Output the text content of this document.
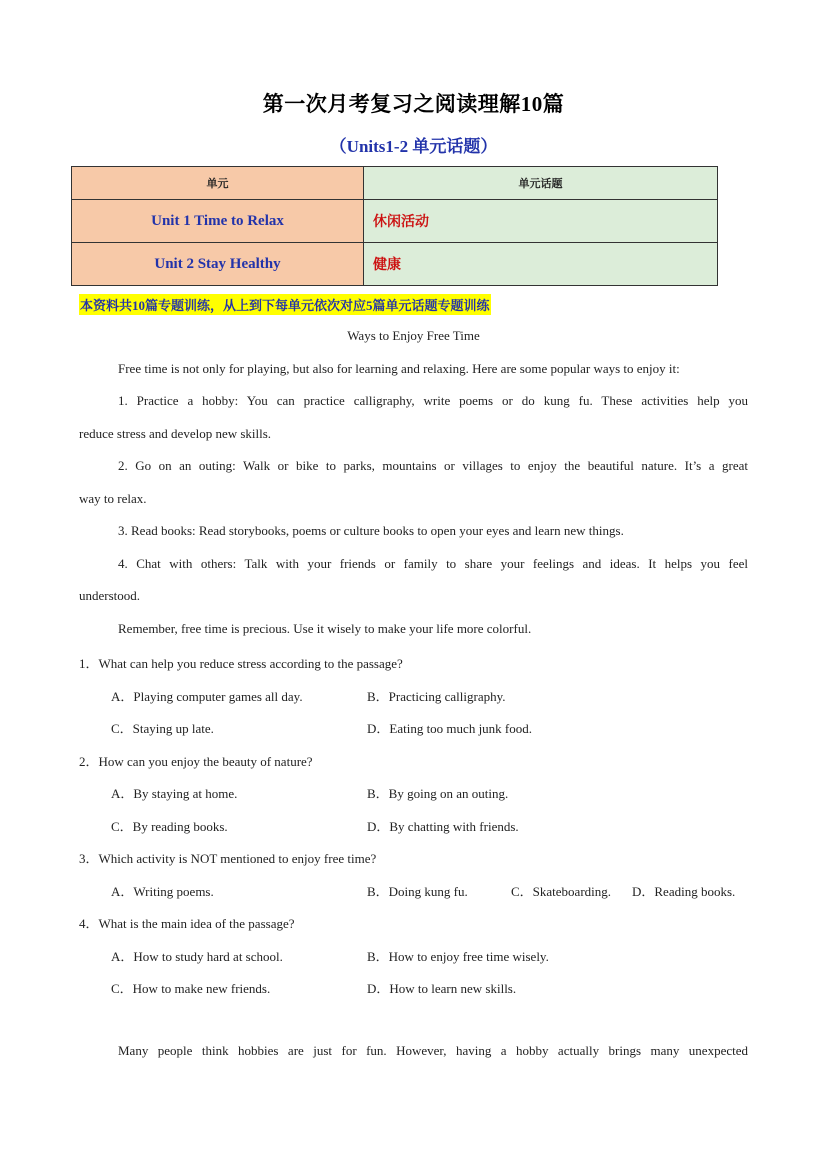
第一次月考复习之阅读理解10篇
（Units1-2 单元话题）
单元	单元话题
Unit 1 Time to Relax	休闲活动
Unit 2 Stay Healthy	健康
本资料共10篇专题训练，从上到下每单元依次对应5篇单元话题专题训练
Ways to Enjoy Free Time
Free time is not only for playing, but also for learning and relaxing. Here are some popular ways to enjoy it:
1. Practice a hobby: You can practice calligraphy, write poems or do kung fu. These activities help you
reduce stress and develop new skills.
2. Go on an outing: Walk or bike to parks, mountains or villages to enjoy the beautiful nature. It’s a great
way to relax.
3. Read books: Read storybooks, poems or culture books to open your eyes and learn new things.
4. Chat with others: Talk with your friends or family to share your feelings and ideas. It helps you feel
understood.
Remember, free time is precious. Use it wisely to make your life more colorful.
1．What can help you reduce stress according to the passage?
A．Playing computer games all day.	B．Practicing calligraphy.
C．Staying up late.	D．Eating too much junk food.
2．How can you enjoy the beauty of nature?
A．By staying at home.	B．By going on an outing.
C．By reading books.	D．By chatting with friends.
3．Which activity is NOT mentioned to enjoy free time?
A．Writing poems.	B．Doing kung fu.	C．Skateboarding. D．Reading books.
4．What is the main idea of the passage?
A．How to study hard at school.	B．How to enjoy free time wisely.
C．How to make new friends.	D．How to learn new skills.
Many people think hobbies are just for fun. However, having a hobby actually brings many unexpected
